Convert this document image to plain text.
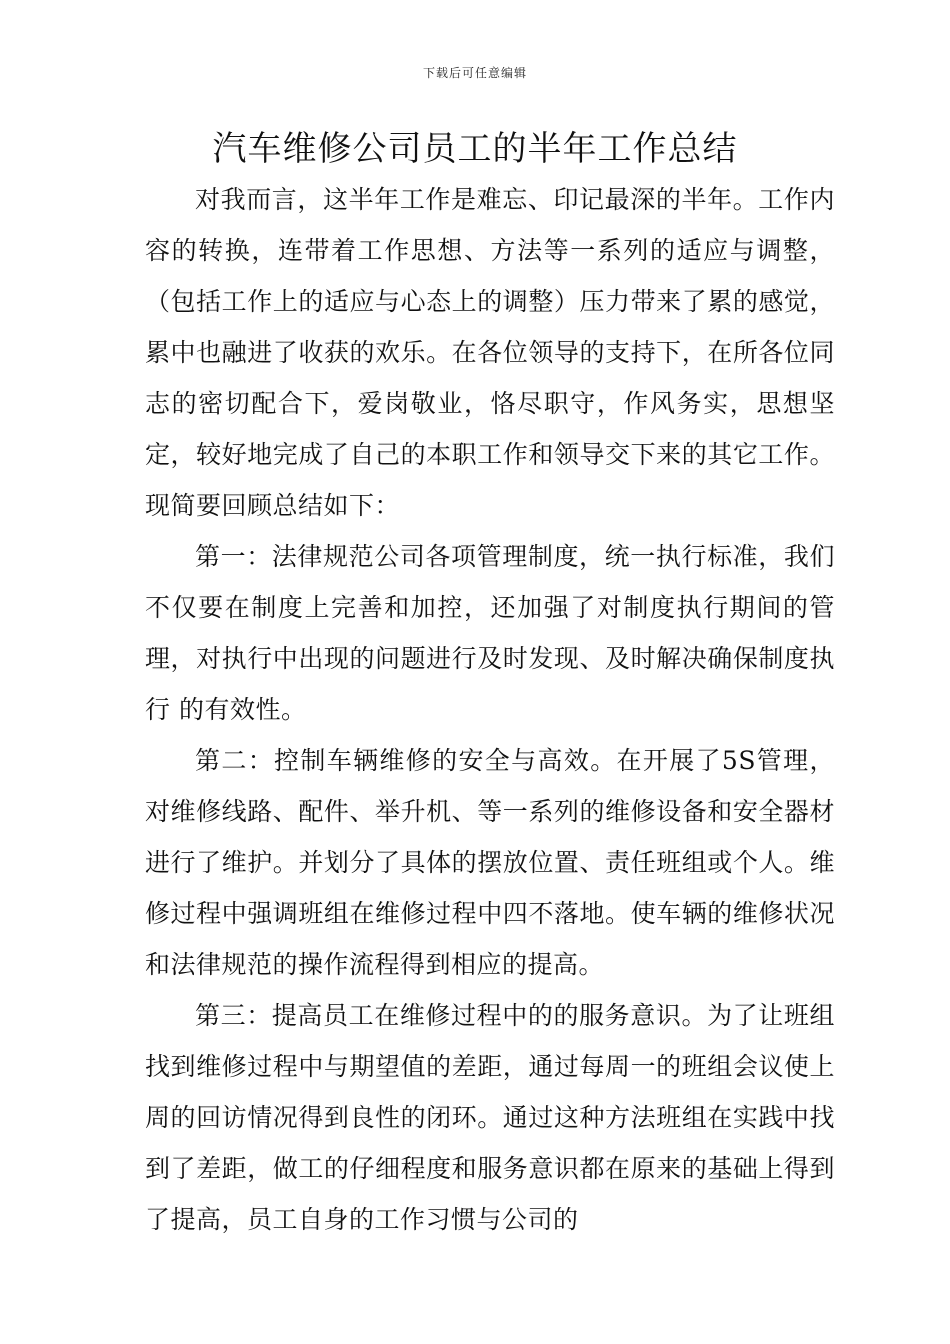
下载后可任意编辑
汽车维修公司员工的半年工作总结

对我而言，这半年工作是难忘、印记最深的半年。工作内容的转换，连带着工作思想、方法等一系列的适应与调整，（包括工作上的适应与心态上的调整）压力带来了累的感觉，累中也融进了收获的欢乐。在各位领导的支持下，在所各位同志的密切配合下，爱岗敬业，恪尽职守，作风务实，思想坚定，较好地完成了自己的本职工作和领导交下来的其它工作。现简要回顾总结如下：

第一：法律规范公司各项管理制度，统一执行标准，我们不仅要在制度上完善和加控，还加强了对制度执行期间的管理，对执行中出现的问题进行及时发现、及时解决确保制度执行 的有效性。

第二：控制车辆维修的安全与高效。在开展了5S管理，对维修线路、配件、举升机、等一系列的维修设备和安全器材进行了维护。并划分了具体的摆放位置、责任班组或个人。维修过程中强调班组在维修过程中四不落地。使车辆的维修状况和法律规范的操作流程得到相应的提高。

第三：提高员工在维修过程中的的服务意识。为了让班组找到维修过程中与期望值的差距，通过每周一的班组会议使上周的回访情况得到良性的闭环。通过这种方法班组在实践中找到了差距，做工的仔细程度和服务意识都在原来的基础上得到了提高，员工自身的工作习惯与公司的
